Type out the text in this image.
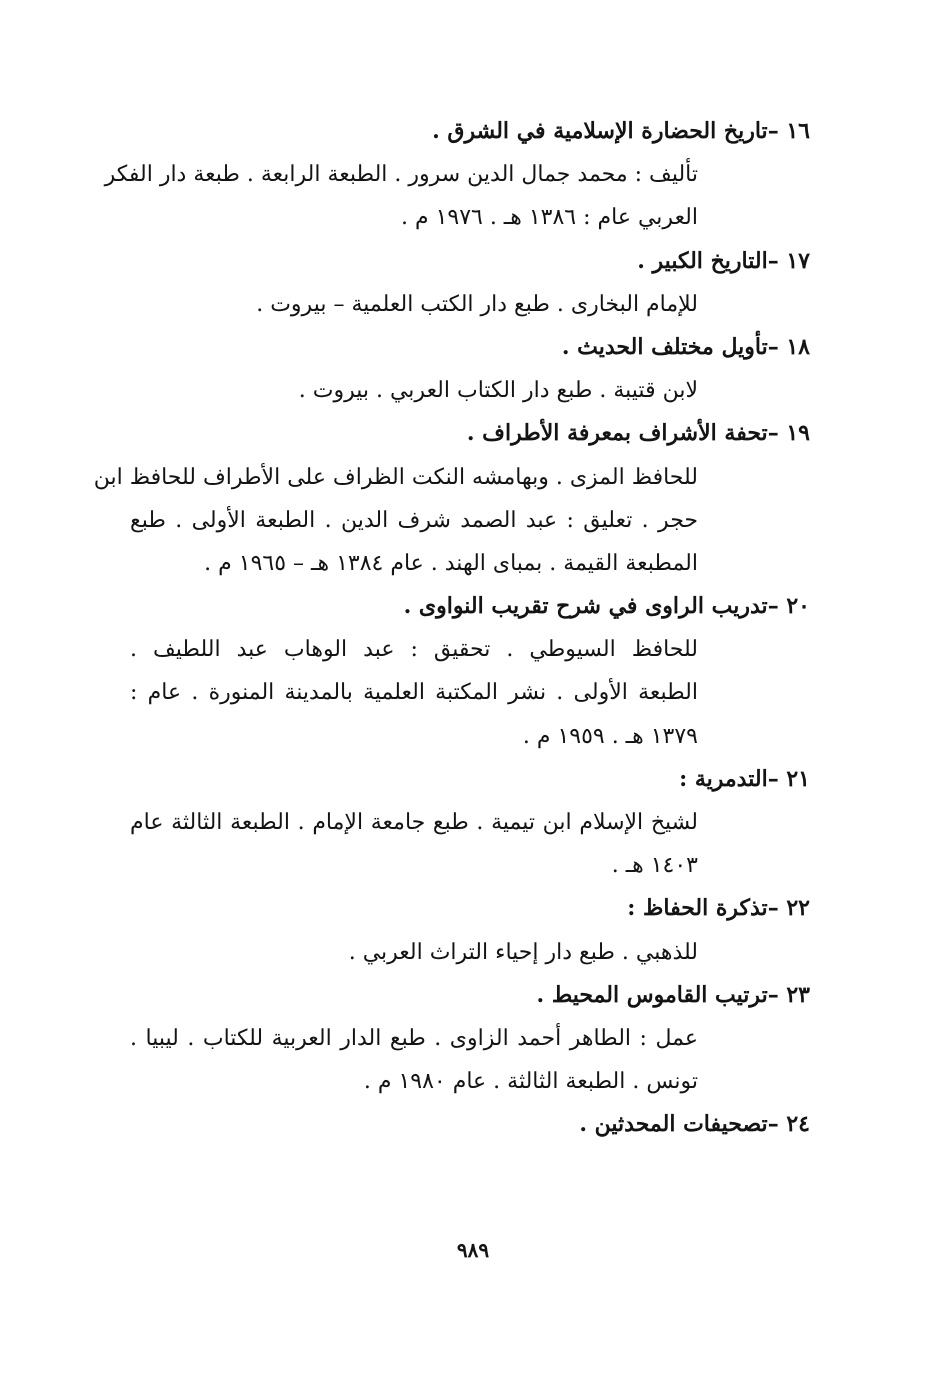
١٦ –تاريخ الحضارة الإسلامية في الشرق .
تأليف : محمد جمال الدين سرور . الطبعة الرابعة . طبعة دار الفكر
العربي عام : ١٣٨٦ هـ . ١٩٧٦ م .
١٧ –التاريخ الكبير .
للإمام البخارى . طبع دار الكتب العلمية – بيروت .
١٨ –تأويل مختلف الحديث .
لابن قتيبة . طبع دار الكتاب العربي . بيروت .
١٩ –تحفة الأشراف بمعرفة الأطراف .
للحافظ المزى . وبهامشه النكت الظراف على الأطراف للحافظ ابن
حجر . تعليق : عبد الصمد شرف الدين . الطبعة الأولى . طبع
المطبعة القيمة . بمباى الهند . عام ١٣٨٤ هـ – ١٩٦٥ م .
٢٠ –تدريب الراوى في شرح تقريب النواوى .
للحافظ السيوطي . تحقيق : عبد الوهاب عبد اللطيف .
الطبعة الأولى . نشر المكتبة العلمية بالمدينة المنورة . عام :
١٣٧٩ هـ . ١٩٥٩ م .
٢١ –التدمرية :
لشيخ الإسلام ابن تيمية . طبع جامعة الإمام . الطبعة الثالثة عام
١٤٠٣ هـ .
٢٢ –تذكرة الحفاظ :
للذهبي . طبع دار إحياء التراث العربي .
٢٣ –ترتيب القاموس المحيط .
عمل : الطاهر أحمد الزاوى . طبع الدار العربية للكتاب . ليبيا .
تونس . الطبعة الثالثة . عام ١٩٨٠ م .
٢٤ –تصحيفات المحدثين .
٩٨٩
